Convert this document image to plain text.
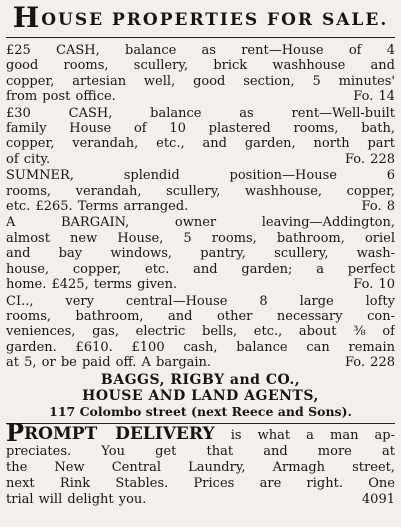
HOUSE PROPERTIES FOR SALE.
£25 CASH, balance as rent—House of 4
good rooms, scullery, brick washhouse and
copper, artesian well, good section, 5 minutes'
from post office.	Fo. 14
£30 CASH, balance as rent—Well-built
family House of 10 plastered rooms, bath,
copper, verandah, etc., and garden, north part
of city.	Fo. 228
SUMNER, splendid position—House 6
rooms, verandah, scullery, washhouse, copper,
etc. £265. Terms arranged.	Fo. 8
A BARGAIN, owner leaving—Addington,
almost new House, 5 rooms, bathroom, oriel
and bay windows, pantry, scullery, wash-
house, copper, etc. and garden; a perfect
home. £425, terms given.	Fo. 10
CI.., very central—House 8 large lofty
rooms, bathroom, and other necessary con-
veniences, gas, electric bells, etc., about ⅜ of
garden. £610. £100 cash, balance can remain
at 5, or be paid off. A bargain.	Fo. 228
BAGGS, RIGBY and CO.,
HOUSE AND LAND AGENTS,
117 Colombo street (next Reece and Sons).
PROMPT DELIVERY is what a man ap-
preciates. You get that and more at
the New Central Laundry, Armagh street,
next Rink Stables. Prices are right. One
trial will delight you.	4091
